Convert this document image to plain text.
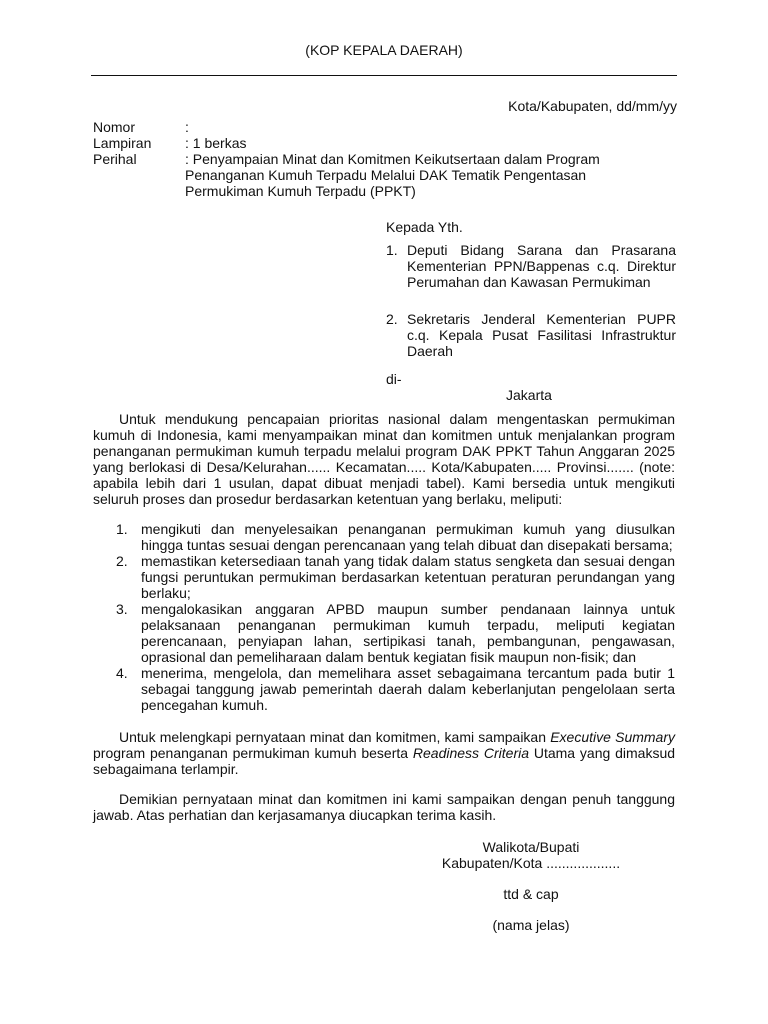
(KOP KEPALA DAERAH)
Kota/Kabupaten, dd/mm/yy
Nomor	:
Lampiran : 1 berkas
Perihal	: Penyampaian Minat dan Komitmen Keikutsertaan dalam Program
Penanganan Kumuh Terpadu Melalui DAK Tematik Pengentasan
Permukiman Kumuh Terpadu (PPKT)
Kepada Yth.
1. Deputi Bidang Sarana dan Prasarana Kementerian PPN/Bappenas c.q. Direktur Perumahan dan Kawasan Permukiman
2. Sekretaris Jenderal Kementerian PUPR c.q. Kepala Pusat Fasilitasi Infrastruktur Daerah
di-
Jakarta
Untuk mendukung pencapaian prioritas nasional dalam mengentaskan permukiman kumuh di Indonesia, kami menyampaikan minat dan komitmen untuk menjalankan program penanganan permukiman kumuh terpadu melalui program DAK PPKT Tahun Anggaran 2025 yang berlokasi di Desa/Kelurahan...... Kecamatan..... Kota/Kabupaten..... Provinsi....... (note: apabila lebih dari 1 usulan, dapat dibuat menjadi tabel). Kami bersedia untuk mengikuti seluruh proses dan prosedur berdasarkan ketentuan yang berlaku, meliputi:
1. mengikuti dan menyelesaikan penanganan permukiman kumuh yang diusulkan hingga tuntas sesuai dengan perencanaan yang telah dibuat dan disepakati bersama;
2. memastikan ketersediaan tanah yang tidak dalam status sengketa dan sesuai dengan fungsi peruntukan permukiman berdasarkan ketentuan peraturan perundangan yang berlaku;
3. mengalokasikan anggaran APBD maupun sumber pendanaan lainnya untuk pelaksanaan penanganan permukiman kumuh terpadu, meliputi kegiatan perencanaan, penyiapan lahan, sertipikasi tanah, pembangunan, pengawasan, oprasional dan pemeliharaan dalam bentuk kegiatan fisik maupun non-fisik; dan
4. menerima, mengelola, dan memelihara asset sebagaimana tercantum pada butir 1 sebagai tanggung jawab pemerintah daerah dalam keberlanjutan pengelolaan serta pencegahan kumuh.
Untuk melengkapi pernyataan minat dan komitmen, kami sampaikan Executive Summary program penanganan permukiman kumuh beserta Readiness Criteria Utama yang dimaksud sebagaimana terlampir.
Demikian pernyataan minat dan komitmen ini kami sampaikan dengan penuh tanggung jawab. Atas perhatian dan kerjasamanya diucapkan terima kasih.
Walikota/Bupati
Kabupaten/Kota ...................
ttd & cap
(nama jelas)
